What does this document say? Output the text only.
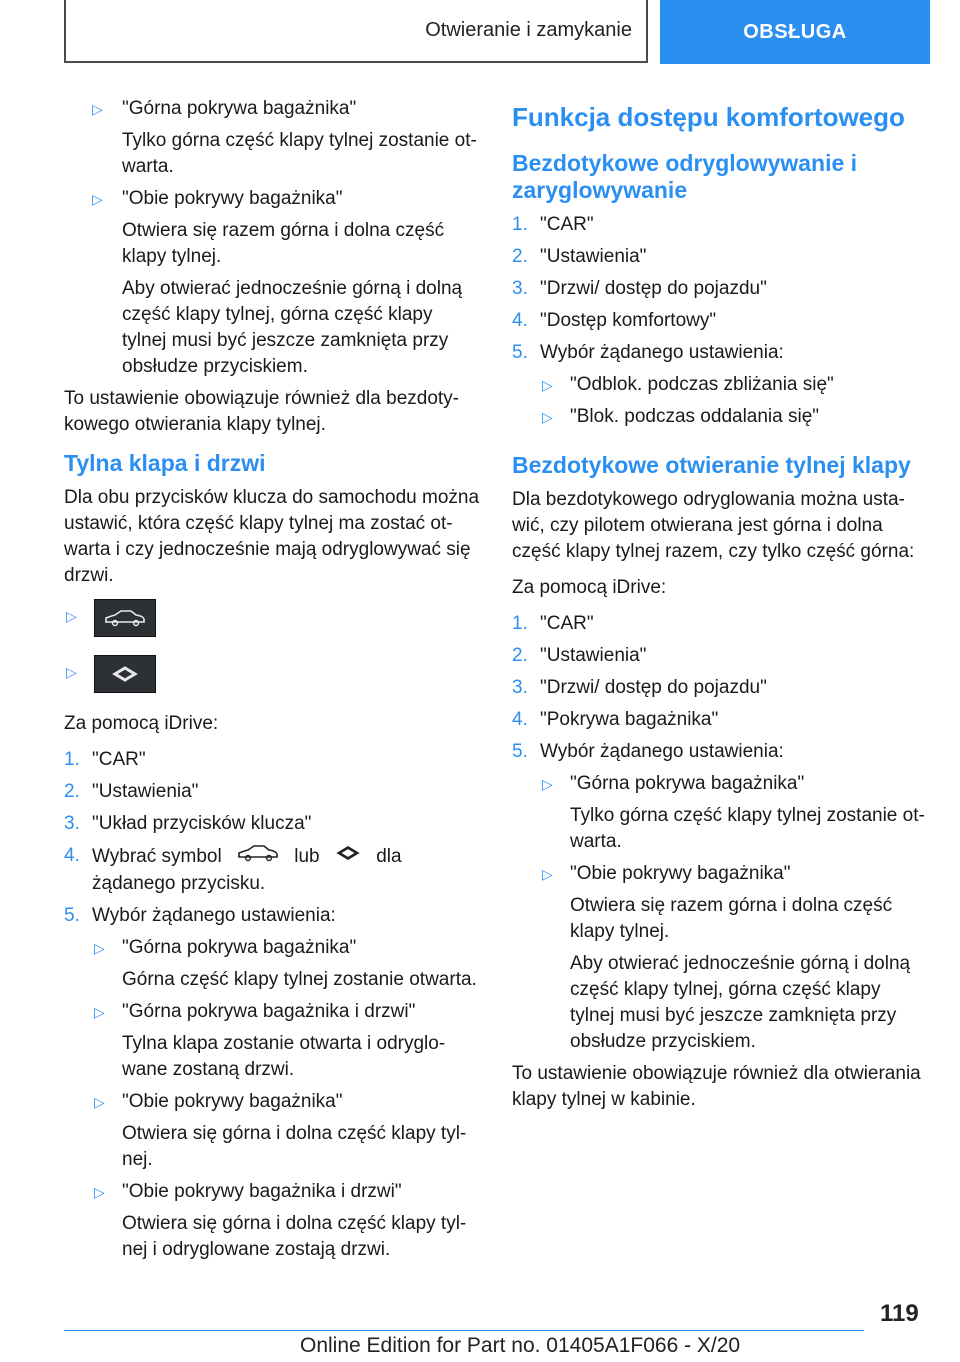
Otwieranie i zamykanie	OBSŁUGA
▷ "Górna pokrywa bagażnika"
Tylko górna część klapy tylnej zostanie ot-warta.
▷ "Obie pokrywy bagażnika"
Otwiera się razem górna i dolna część klapy tylnej.
Aby otwierać jednocześnie górną i dolną część klapy tylnej, górna część klapy tylnej musi być jeszcze zamknięta przy obsłudze przyciskiem.

To ustawienie obowiązuje również dla bezdoty-kowego otwierania klapy tylnej.

Tylna klapa i drzwi

Dla obu przycisków klucza do samochodu można ustawić, która część klapy tylnej ma zostać ot-warta i czy jednocześnie mają odryglowywać się drzwi.

▷
▷

Za pomocą iDrive:

1. "CAR"
2. "Ustawienia"
3. "Układ przycisków klucza"
4. Wybrać symbol	lub	dla żądanego przycisku.
5. Wybór żądanego ustawienia:
▷ "Górna pokrywa bagażnika"
Górna część klapy tylnej zostanie otwarta.
▷ "Górna pokrywa bagażnika i drzwi"
Tylna klapa zostanie otwarta i odryglo-wane zostaną drzwi.
▷ "Obie pokrywy bagażnika"
Otwiera się górna i dolna część klapy tyl-nej.
▷ "Obie pokrywy bagażnika i drzwi"
Otwiera się górna i dolna część klapy tyl-nej i odryglowane zostają drzwi.
Funkcja dostępu komfortowego
Bezdotykowe odryglowywanie i zaryglowywanie
1. "CAR"
2. "Ustawienia"
3. "Drzwi/ dostęp do pojazdu"
4. "Dostęp komfortowy"
5. Wybór żądanego ustawienia:
▷ "Odblok. podczas zbliżania się"
▷ "Blok. podczas oddalania się"
Bezdotykowe otwieranie tylnej klapy

Dla bezdotykowego odryglowania można usta-wić, czy pilotem otwierana jest górna i dolna część klapy tylnej razem, czy tylko część górna:

Za pomocą iDrive:

1. "CAR"
2. "Ustawienia"
3. "Drzwi/ dostęp do pojazdu"
4. "Pokrywa bagażnika"
5. Wybór żądanego ustawienia:
▷ "Górna pokrywa bagażnika"
Tylko górna część klapy tylnej zostanie ot-warta.
▷ "Obie pokrywy bagażnika"
Otwiera się razem górna i dolna część klapy tylnej.
Aby otwierać jednocześnie górną i dolną część klapy tylnej, górna część klapy tylnej musi być jeszcze zamknięta przy obsłudze przyciskiem.

To ustawienie obowiązuje również dla otwierania klapy tylnej w kabinie.

119
Online Edition for Part no. 01405A1F066 - X/20
